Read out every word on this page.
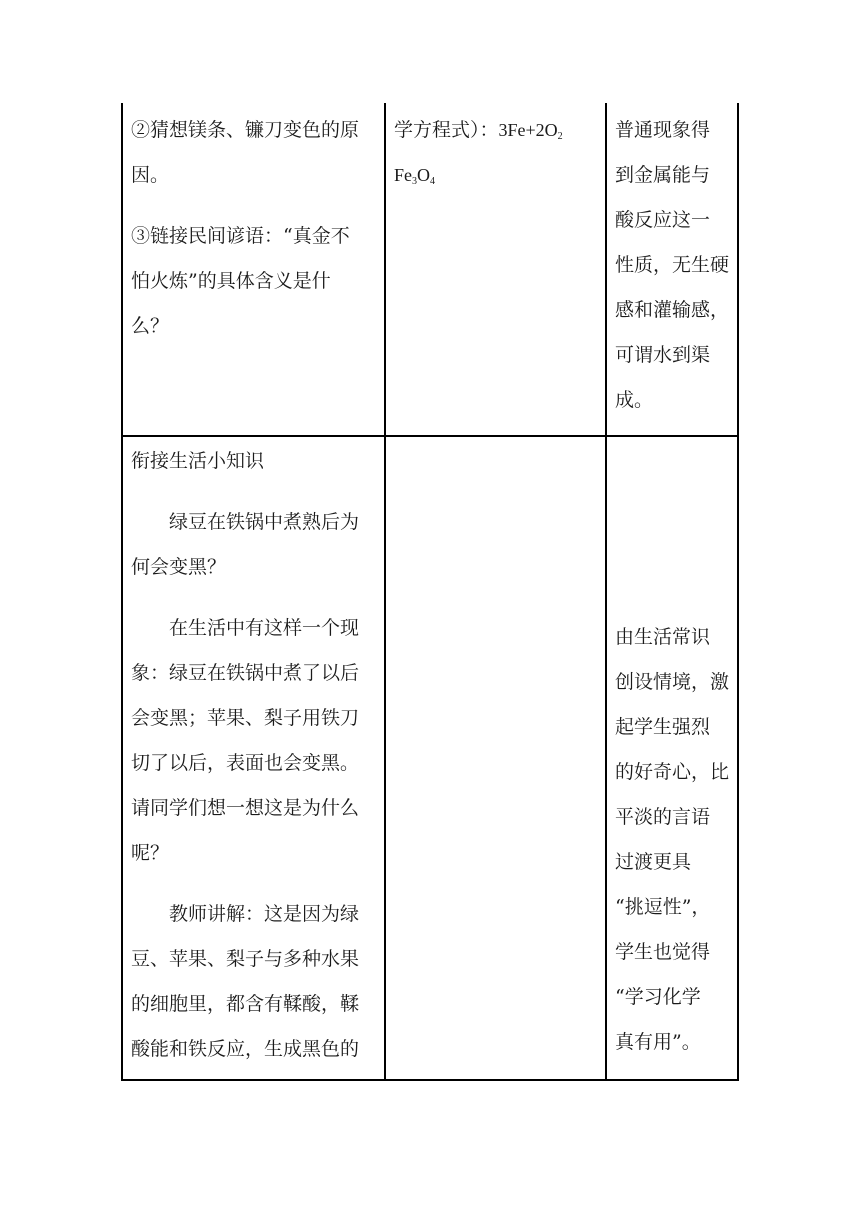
②猜想镁条、镰刀变色的原
因。
③链接民间谚语：“真金不
怕火炼”的具体含义是什
么？
学方程式）：$3Fe+2O_2$
$Fe_3O_4$
普通现象得
到金属能与
酸反应这一
性质，无生硬
感和灌输感，
可谓水到渠
成。
衔接生活小知识
绿豆在铁锅中煮熟后为
何会变黑？
在生活中有这样一个现
象：绿豆在铁锅中煮了以后
会变黑；苹果、梨子用铁刀
切了以后，表面也会变黑。
请同学们想一想这是为什么
呢？
教师讲解：这是因为绿
豆、苹果、梨子与多种水果
的细胞里，都含有鞣酸，鞣
酸能和铁反应，生成黑色的
由生活常识
创设情境，激
起学生强烈
的好奇心，比
平淡的言语
过渡更具
“挑逗性”，
学生也觉得
“学习化学
真有用”。
